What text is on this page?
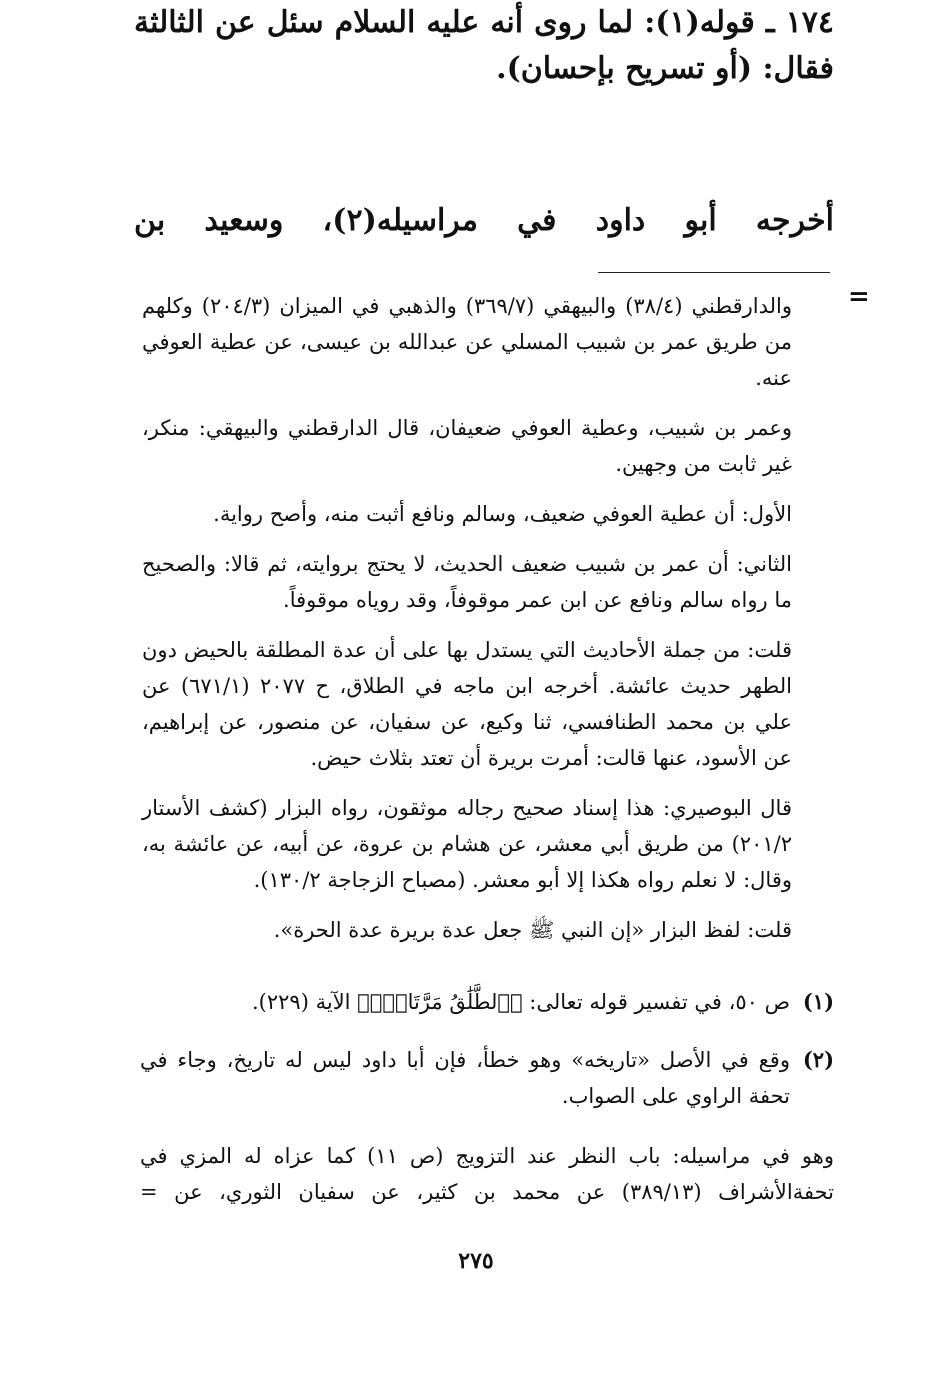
١٧٤ ـ قوله(١): لما روى أنه عليه السلام سئل عن الثالثة فقال: (أو تسريح بإحسان).

أخرجه أبو داود في مراسيله(٢)، وسعيد بن

=

والدارقطني (٣٨/٤) والبيهقي (٣٦٩/٧) والذهبي في الميزان (٢٠٤/٣) وكلهم من طريق عمر بن شبيب المسلي عن عبدالله بن عيسى، عن عطية العوفي عنه.

وعمر بن شبيب، وعطية العوفي ضعيفان، قال الدارقطني والبيهقي: منكر، غير ثابت من وجهين.

الأول: أن عطية العوفي ضعيف، وسالم ونافع أثبت منه، وأصح رواية.

الثاني: أن عمر بن شبيب ضعيف الحديث، لا يحتج بروايته، ثم قالا: والصحيح ما رواه سالم ونافع عن ابن عمر موقوفاً، وقد روياه موقوفاً.

قلت: من جملة الأحاديث التي يستدل بها على أن عدة المطلقة بالحيض دون الطهر حديث عائشة. أخرجه ابن ماجه في الطلاق، ح ٢٠٧٧ (٦٧١/١) عن علي بن محمد الطنافسي، ثنا وكيع، عن سفيان، عن منصور، عن إبراهيم، عن الأسود، عنها قالت: أمرت بريرة أن تعتد بثلاث حيض.

قال البوصيري: هذا إسناد صحيح رجاله موثقون، رواه البزار (كشف الأستار ٢٠١/٢) من طريق أبي معشر، عن هشام بن عروة، عن أبيه، عن عائشة به، وقال: لا نعلم رواه هكذا إلا أبو معشر. (مصباح الزجاجة ١٣٠/٢).

قلت: لفظ البزار «إن النبي ﷺ جعل عدة بريرة عدة الحرة».

(١)
ص ٥٠، في تفسير قوله تعالى: ﴿ٱلطَّلَٰقُ مَرَّتَانِۖ﴾ الآية (٢٢٩).
(٢)
وقع في الأصل «تاريخه» وهو خطأ، فإن أبا داود ليس له تاريخ، وجاء في تحفة الراوي على الصواب.

وهو في مراسيله: باب النظر عند التزويج (ص ١١) كما عزاه له المزي في تحفةالأشراف (٣٨٩/١٣) عن محمد بن كثير، عن سفيان الثوري، عن =

٢٧٥
